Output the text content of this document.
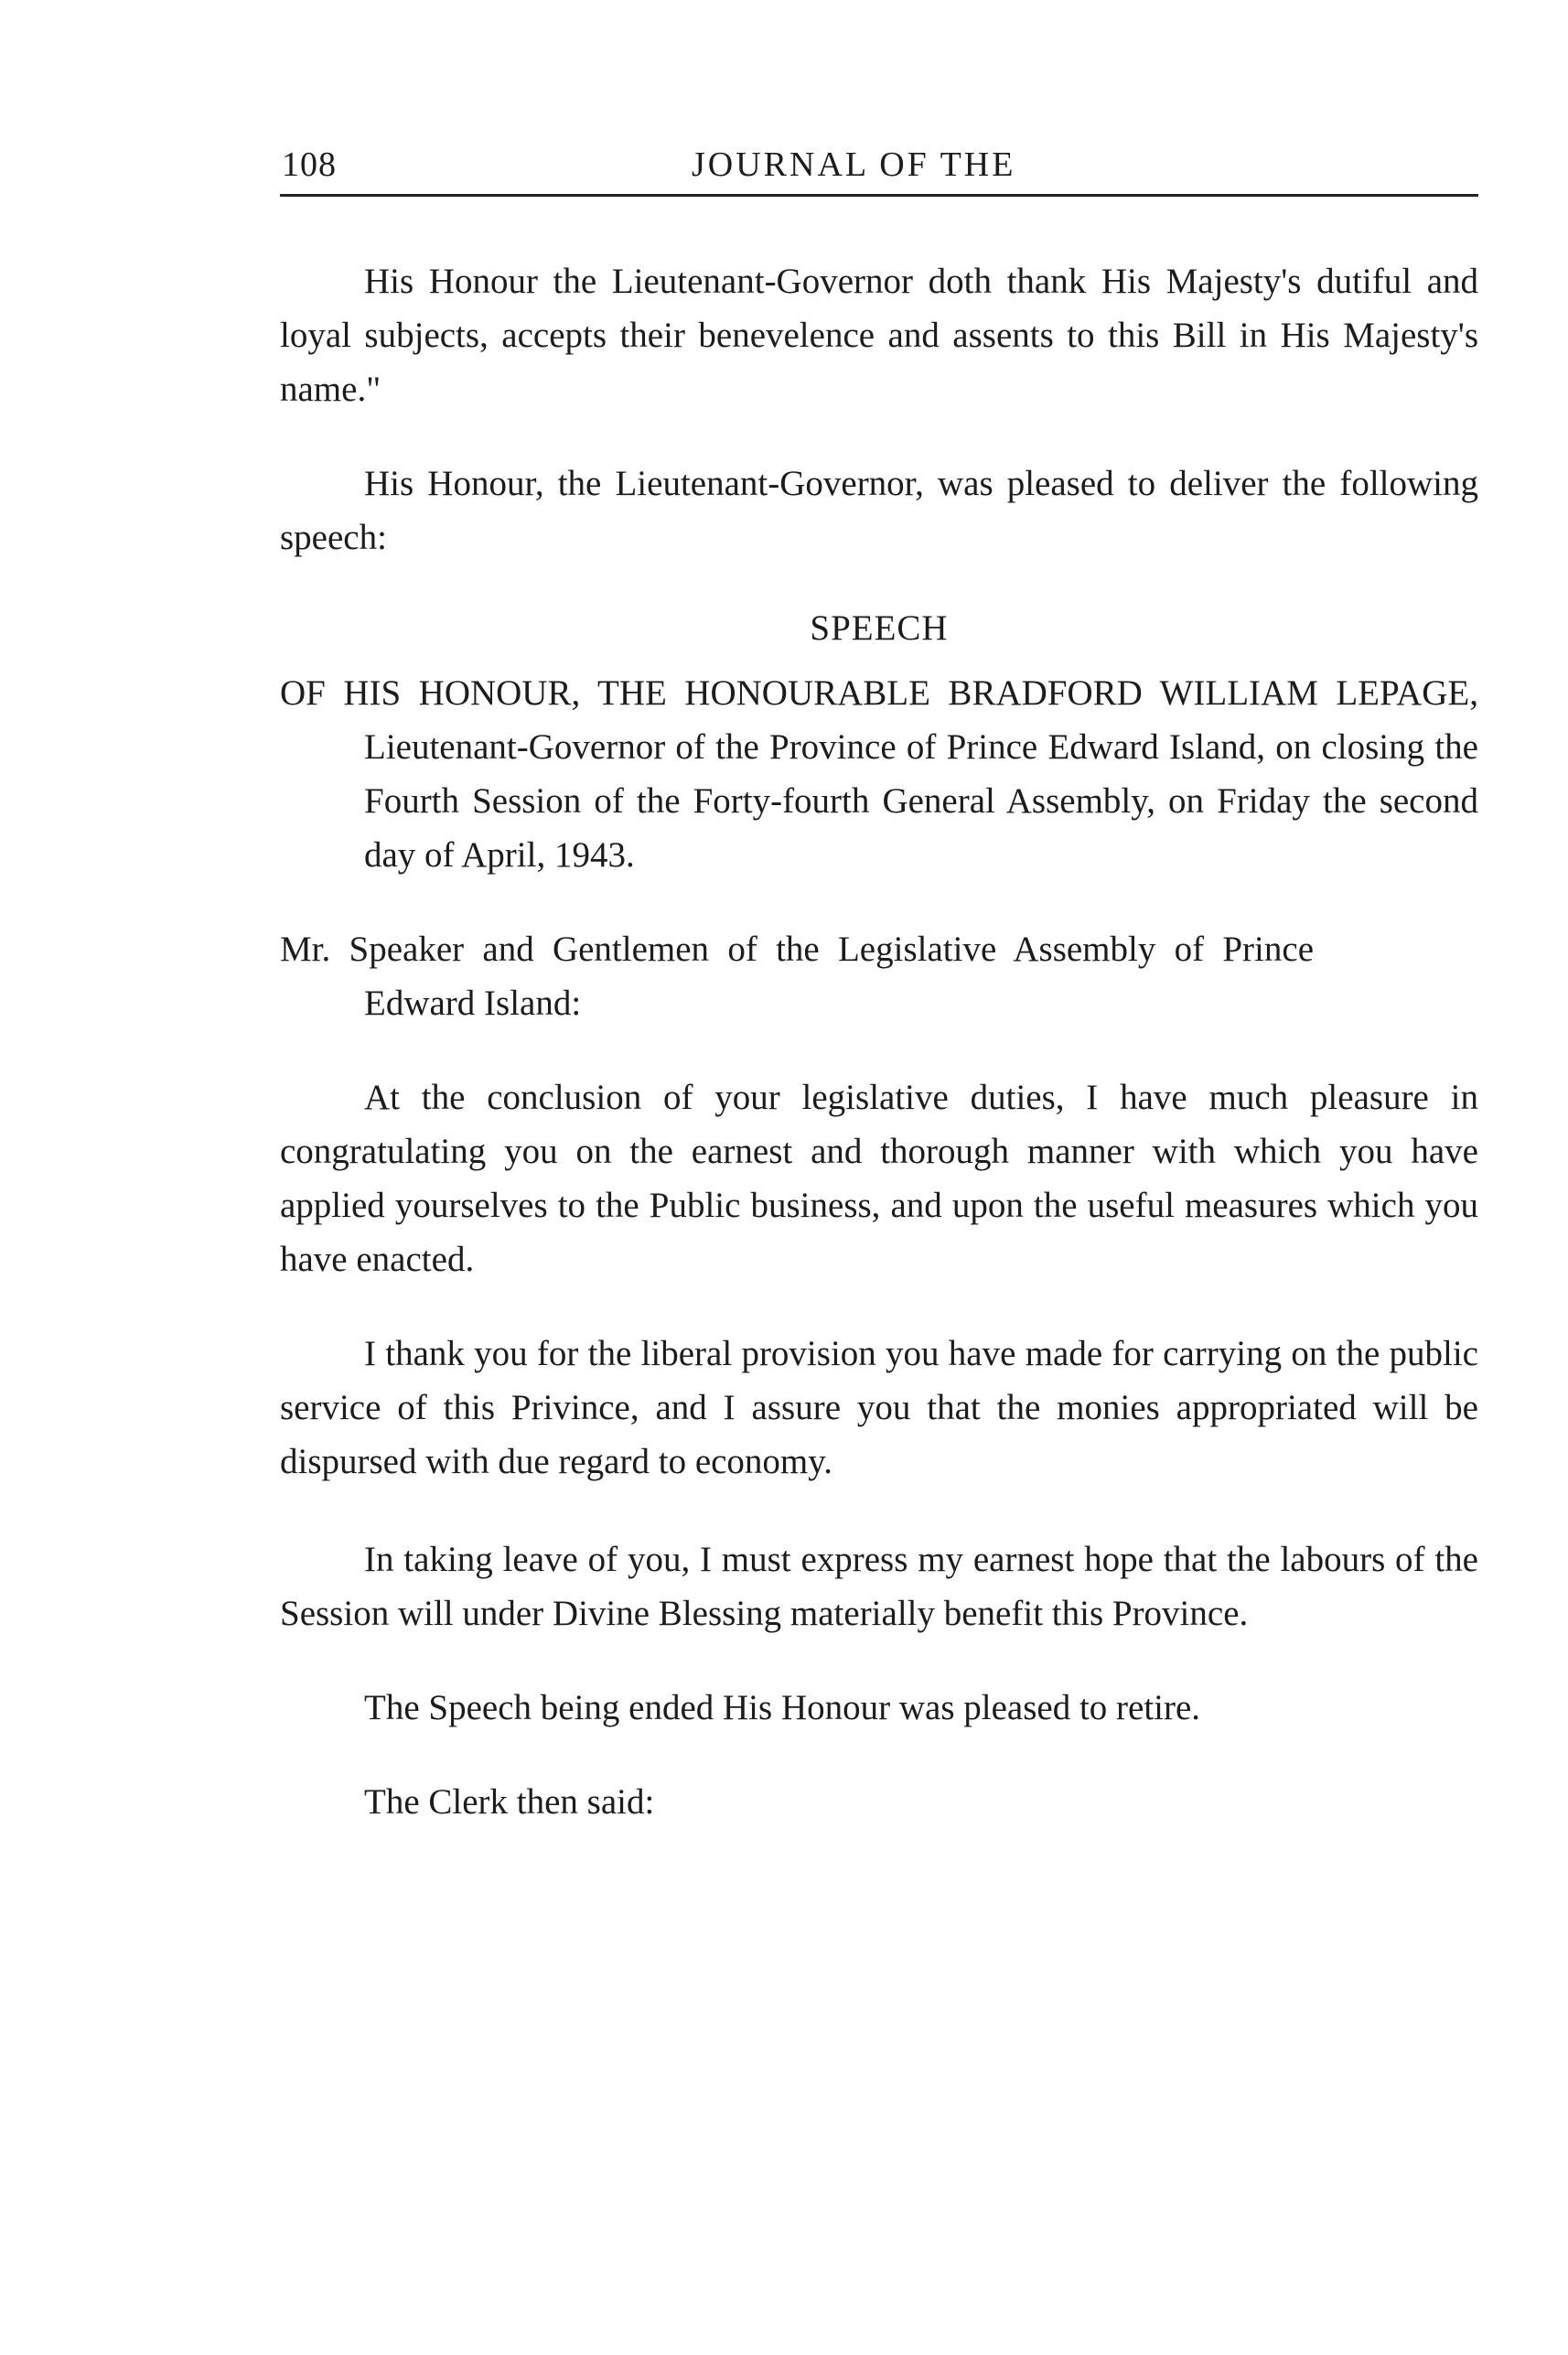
108	JOURNAL OF THE

His Honour the Lieutenant-Governor doth thank His Majesty's dutiful and loyal subjects, accepts their benevelence and assents to this Bill in His Majesty's name."

His Honour, the Lieutenant-Governor, was pleased to deliver the following speech:

SPEECH

OF HIS HONOUR, THE HONOURABLE BRADFORD WILLIAM LEPAGE, Lieutenant-Governor of the Province of Prince Edward Island, on closing the Fourth Session of the Forty-fourth General Assembly, on Friday the second day of April, 1943.

Mr. Speaker and Gentlemen of the Legislative Assembly of Prince Edward Island:

At the conclusion of your legislative duties, I have much pleasure in congratulating you on the earnest and thorough manner with which you have applied yourselves to the Public business, and upon the useful measures which you have enacted.

I thank you for the liberal provision you have made for carrying on the public service of this Privince, and I assure you that the monies appropriated will be dispursed with due regard to economy.

In taking leave of you, I must express my earnest hope that the labours of the Session will under Divine Blessing materially benefit this Province.

The Speech being ended His Honour was pleased to retire.

The Clerk then said:
